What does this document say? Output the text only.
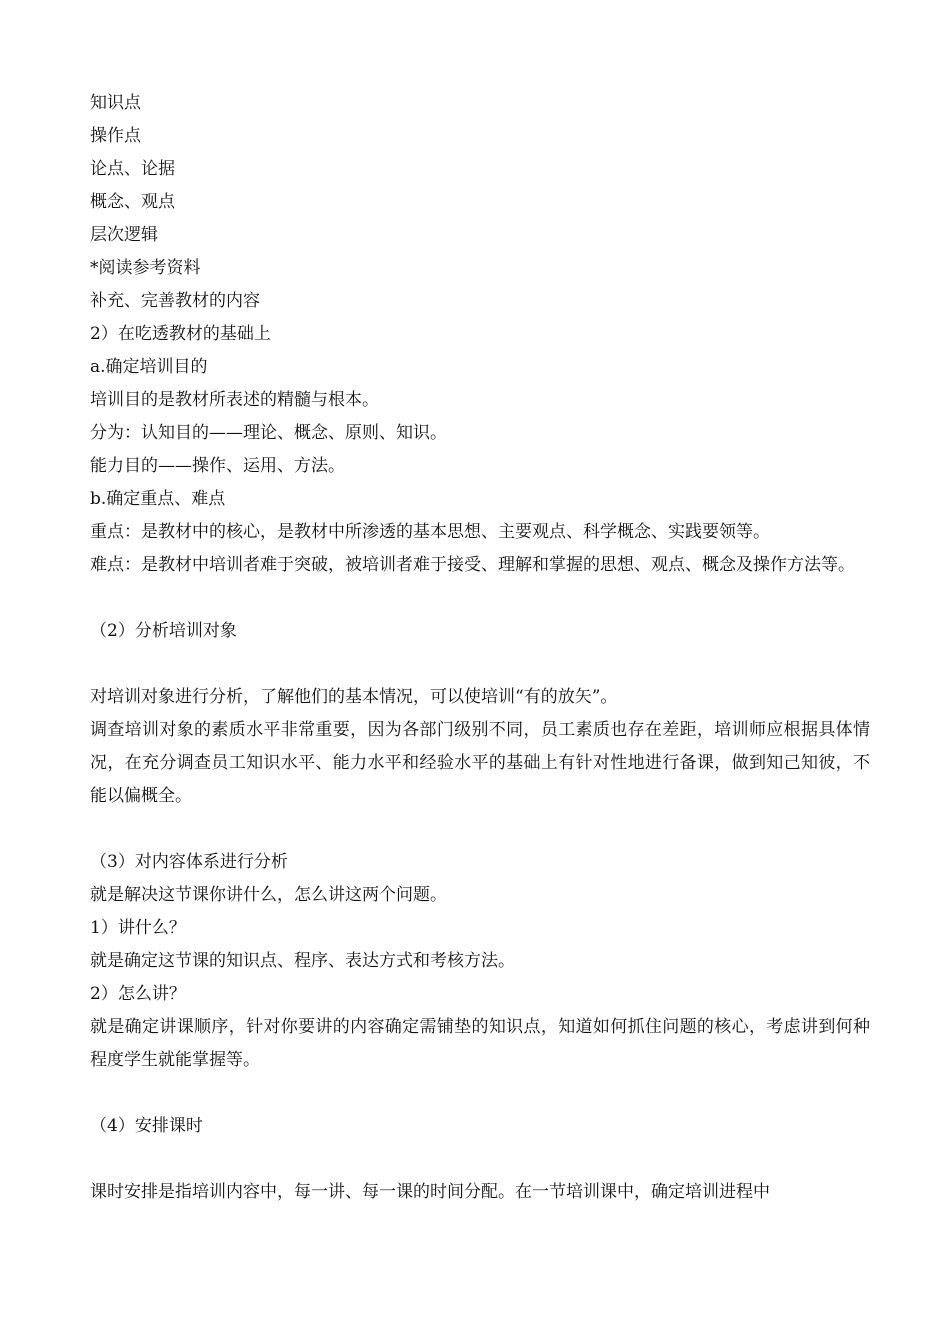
知识点
操作点
论点、论据
概念、观点
层次逻辑
*阅读参考资料
补充、完善教材的内容
2）在吃透教材的基础上
a.确定培训目的
培训目的是教材所表述的精髓与根本。
分为：认知目的——理论、概念、原则、知识。
能力目的——操作、运用、方法。
b.确定重点、难点
重点：是教材中的核心，是教材中所渗透的基本思想、主要观点、科学概念、实践要领等。
难点：是教材中培训者难于突破，被培训者难于接受、理解和掌握的思想、观点、概念及操作方法等。
（2）分析培训对象
对培训对象进行分析，了解他们的基本情况，可以使培训“有的放矢”。
调查培训对象的素质水平非常重要，因为各部门级别不同，员工素质也存在差距，培训师应根据具体情况，在充分调查员工知识水平、能力水平和经验水平的基础上有针对性地进行备课，做到知己知彼，不能以偏概全。
（3）对内容体系进行分析
就是解决这节课你讲什么，怎么讲这两个问题。
1）讲什么？
就是确定这节课的知识点、程序、表达方式和考核方法。
2）怎么讲？
就是确定讲课顺序，针对你要讲的内容确定需铺垫的知识点，知道如何抓住问题的核心，考虑讲到何种程度学生就能掌握等。
（4）安排课时
课时安排是指培训内容中，每一讲、每一课的时间分配。在一节培训课中，确定培训进程中
